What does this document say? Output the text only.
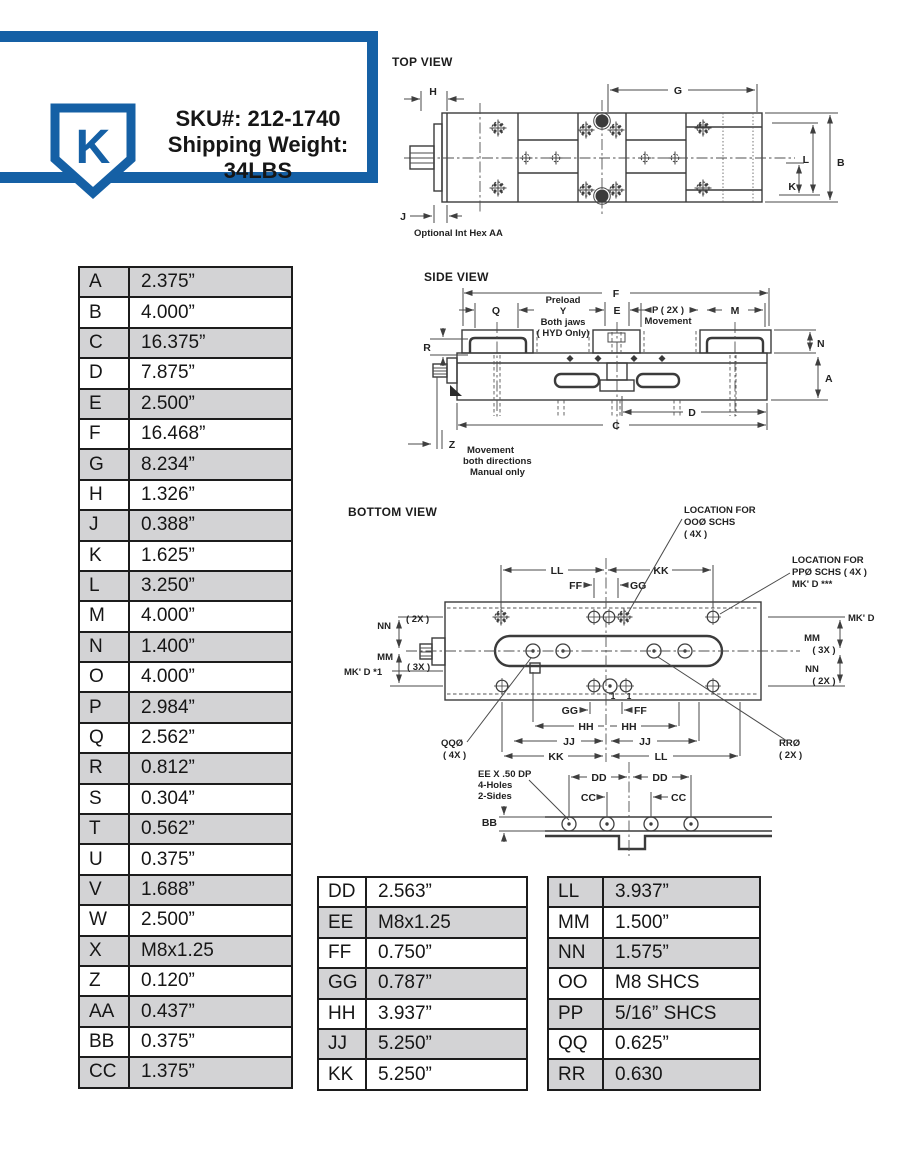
K
SKU#: 212-1740
Shipping Weight:
34LBS
TOP VIEW
H	G
B
L
K
J
Optional Int Hex AA
SIDE VIEW
F
Q
Preload
Y
Both jaws
( HYD Only)
E	P ( 2X )
Movement
M
N
R
A
D
C
Z Movement
both directions
Manual only
BOTTOM VIEW
LL	KK
FF	GG
LOCATION FOR
OOØ SCHS
( 4X )
LOCATION FOR
PPØ SCHS ( 4X )
MK' D ***
MK' D
MM
( 3X )
NN
( 2X )
NN
( 2X )
MM
( 3X )
MK' D *1
QQØ
( 4X )
RRØ
( 2X )
GG	FF
HH	HH
JJ	JJ
KK	LL
1 1
EE X .50 DP
4-Holes
2-Sides
BB
DD	DD
CC	CC
A	2.375”
B	4.000”
C	16.375”
D	7.875”
E	2.500”
F	16.468”
G	8.234”
H	1.326”
J	0.388”
K	1.625”
L	3.250”
M	4.000”
N	1.400”
O	4.000”
P	2.984”
Q	2.562”
R	0.812”
S	0.304”
T	0.562”
U	0.375”
V	1.688”
W	2.500”
X	M8x1.25
Z	0.120”
AA	0.437”
BB	0.375”
CC	1.375”
DD	2.563”
EE	M8x1.25
FF	0.750”
GG	0.787”
HH	3.937”
JJ	5.250”
KK	5.250”
LL	3.937”
MM	1.500”
NN	1.575”
OO	M8 SHCS
PP	5/16” SHCS
QQ	0.625”
RR	0.630
